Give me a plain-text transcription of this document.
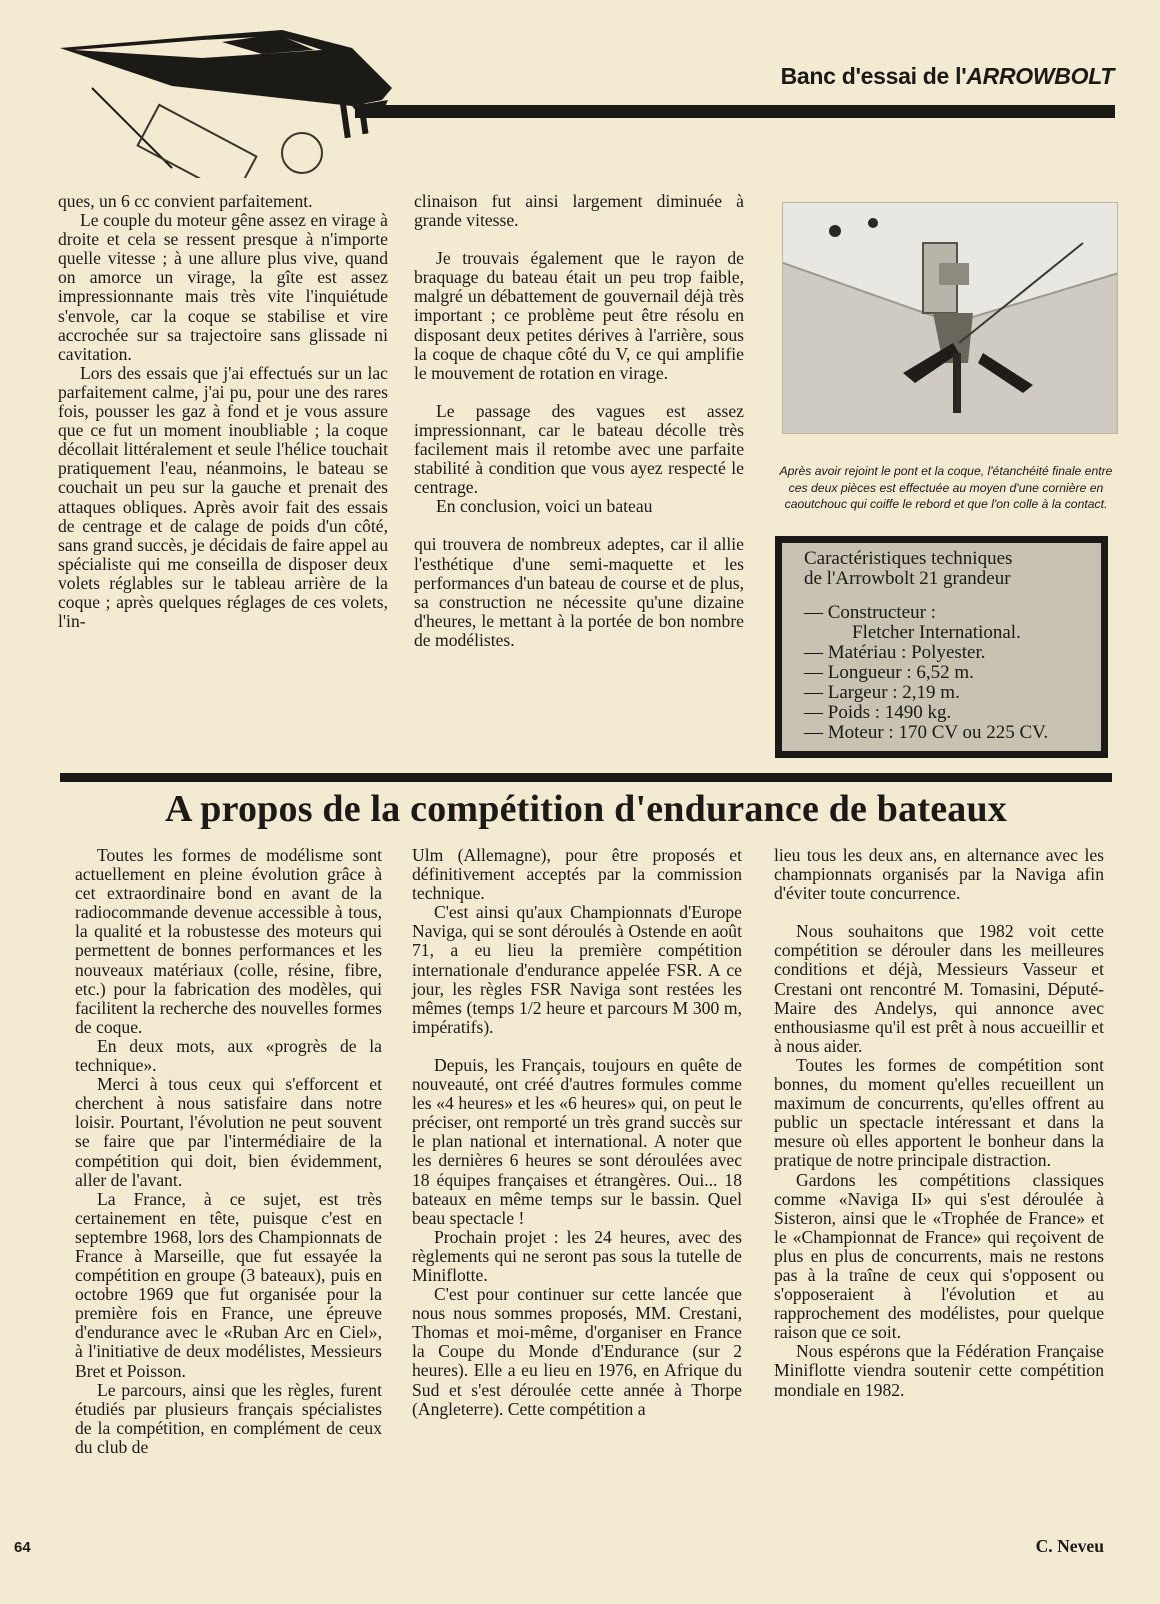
Banc d'essai de l'ARROWBOLT

ques, un 6 cc convient parfaitement.

Le couple du moteur gêne assez en virage à droite et cela se ressent presque à n'importe quelle vitesse ; à une allure plus vive, quand on amorce un virage, la gîte est assez impressionnante mais très vite l'inquiétude s'envole, car la coque se stabilise et vire accrochée sur sa trajectoire sans glissade ni cavitation.

Lors des essais que j'ai effectués sur un lac parfaitement calme, j'ai pu, pour une des rares fois, pousser les gaz à fond et je vous assure que ce fut un moment inoubliable ; la coque décollait littéralement et seule l'hélice touchait pratiquement l'eau, néanmoins, le bateau se couchait un peu sur la gauche et prenait des attaques obliques. Après avoir fait des essais de centrage et de calage de poids d'un côté, sans grand succès, je décidais de faire appel au spécialiste qui me conseilla de disposer deux volets réglables sur le tableau arrière de la coque ; après quelques réglages de ces volets, l'in-

clinaison fut ainsi largement diminuée à grande vitesse.

Je trouvais également que le rayon de braquage du bateau était un peu trop faible, malgré un débattement de gouvernail déjà très important ; ce problème peut être résolu en disposant deux petites dérives à l'arrière, sous la coque de chaque côté du V, ce qui amplifie le mouvement de rotation en virage.

Le passage des vagues est assez impressionnant, car le bateau décolle très facilement mais il retombe avec une parfaite stabilité à condition que vous ayez respecté le centrage.

En conclusion, voici un bateau

qui trouvera de nombreux adeptes, car il allie l'esthétique d'une semi-maquette et les performances d'un bateau de course et de plus, sa construction ne nécessite qu'une dizaine d'heures, le mettant à la portée de bon nombre de modélistes.

Après avoir rejoint le pont et la coque, l'étanchéité finale entre ces deux pièces est effectuée au moyen d'une cornière en caoutchouc qui coiffe le rebord et que l'on colle à la contact.
Caractéristiques techniques
de l'Arrowbolt 21 grandeur
— Constructeur :
Fletcher International.
— Matériau : Polyester.
— Longueur : 6,52 m.
— Largeur : 2,19 m.
— Poids : 1490 kg.
— Moteur : 170 CV ou 225 CV.
A propos de la compétition d'endurance de bateaux

Toutes les formes de modélisme sont actuellement en pleine évolution grâce à cet extraordinaire bond en avant de la radiocommande devenue accessible à tous, la qualité et la robustesse des moteurs qui permettent de bonnes performances et les nouveaux matériaux (colle, résine, fibre, etc.) pour la fabrication des modèles, qui facilitent la recherche des nouvelles formes de coque.

En deux mots, aux «progrès de la technique».

Merci à tous ceux qui s'efforcent et cherchent à nous satisfaire dans notre loisir. Pourtant, l'évolution ne peut souvent se faire que par l'intermédiaire de la compétition qui doit, bien évidemment, aller de l'avant.

La France, à ce sujet, est très certainement en tête, puisque c'est en septembre 1968, lors des Championnats de France à Marseille, que fut essayée la compétition en groupe (3 bateaux), puis en octobre 1969 que fut organisée pour la première fois en France, une épreuve d'endurance avec le «Ruban Arc en Ciel», à l'initiative de deux modélistes, Messieurs Bret et Poisson.

Le parcours, ainsi que les règles, furent étudiés par plusieurs français spécialistes de la compétition, en complément de ceux du club de

Ulm (Allemagne), pour être proposés et définitivement acceptés par la commission technique.

C'est ainsi qu'aux Championnats d'Europe Naviga, qui se sont déroulés à Ostende en août 71, a eu lieu la première compétition internationale d'endurance appelée FSR. A ce jour, les règles FSR Naviga sont restées les mêmes (temps 1/2 heure et parcours M 300 m, impératifs).

Depuis, les Français, toujours en quête de nouveauté, ont créé d'autres formules comme les «4 heures» et les «6 heures» qui, on peut le préciser, ont remporté un très grand succès sur le plan national et international. A noter que les dernières 6 heures se sont déroulées avec 18 équipes françaises et étrangères. Oui... 18 bateaux en même temps sur le bassin. Quel beau spectacle !

Prochain projet : les 24 heures, avec des règlements qui ne seront pas sous la tutelle de Miniflotte.

C'est pour continuer sur cette lancée que nous nous sommes proposés, MM. Crestani, Thomas et moi-même, d'organiser en France la Coupe du Monde d'Endurance (sur 2 heures). Elle a eu lieu en 1976, en Afrique du Sud et s'est déroulée cette année à Thorpe (Angleterre). Cette compétition a

lieu tous les deux ans, en alternance avec les championnats organisés par la Naviga afin d'éviter toute concurrence.

Nous souhaitons que 1982 voit cette compétition se dérouler dans les meilleures conditions et déjà, Messieurs Vasseur et Crestani ont rencontré M. Tomasini, Député-Maire des Andelys, qui annonce avec enthousiasme qu'il est prêt à nous accueillir et à nous aider.

Toutes les formes de compétition sont bonnes, du moment qu'elles recueillent un maximum de concurrents, qu'elles offrent au public un spectacle intéressant et dans la mesure où elles apportent le bonheur dans la pratique de notre principale distraction.

Gardons les compétitions classiques comme «Naviga II» qui s'est déroulée à Sisteron, ainsi que le «Trophée de France» et le «Championnat de France» qui reçoivent de plus en plus de concurrents, mais ne restons pas à la traîne de ceux qui s'opposent ou s'opposeraient à l'évolution et au rapprochement des modélistes, pour quelque raison que ce soit.

Nous espérons que la Fédération Française Miniflotte viendra soutenir cette compétition mondiale en 1982.

64	C. Neveu
